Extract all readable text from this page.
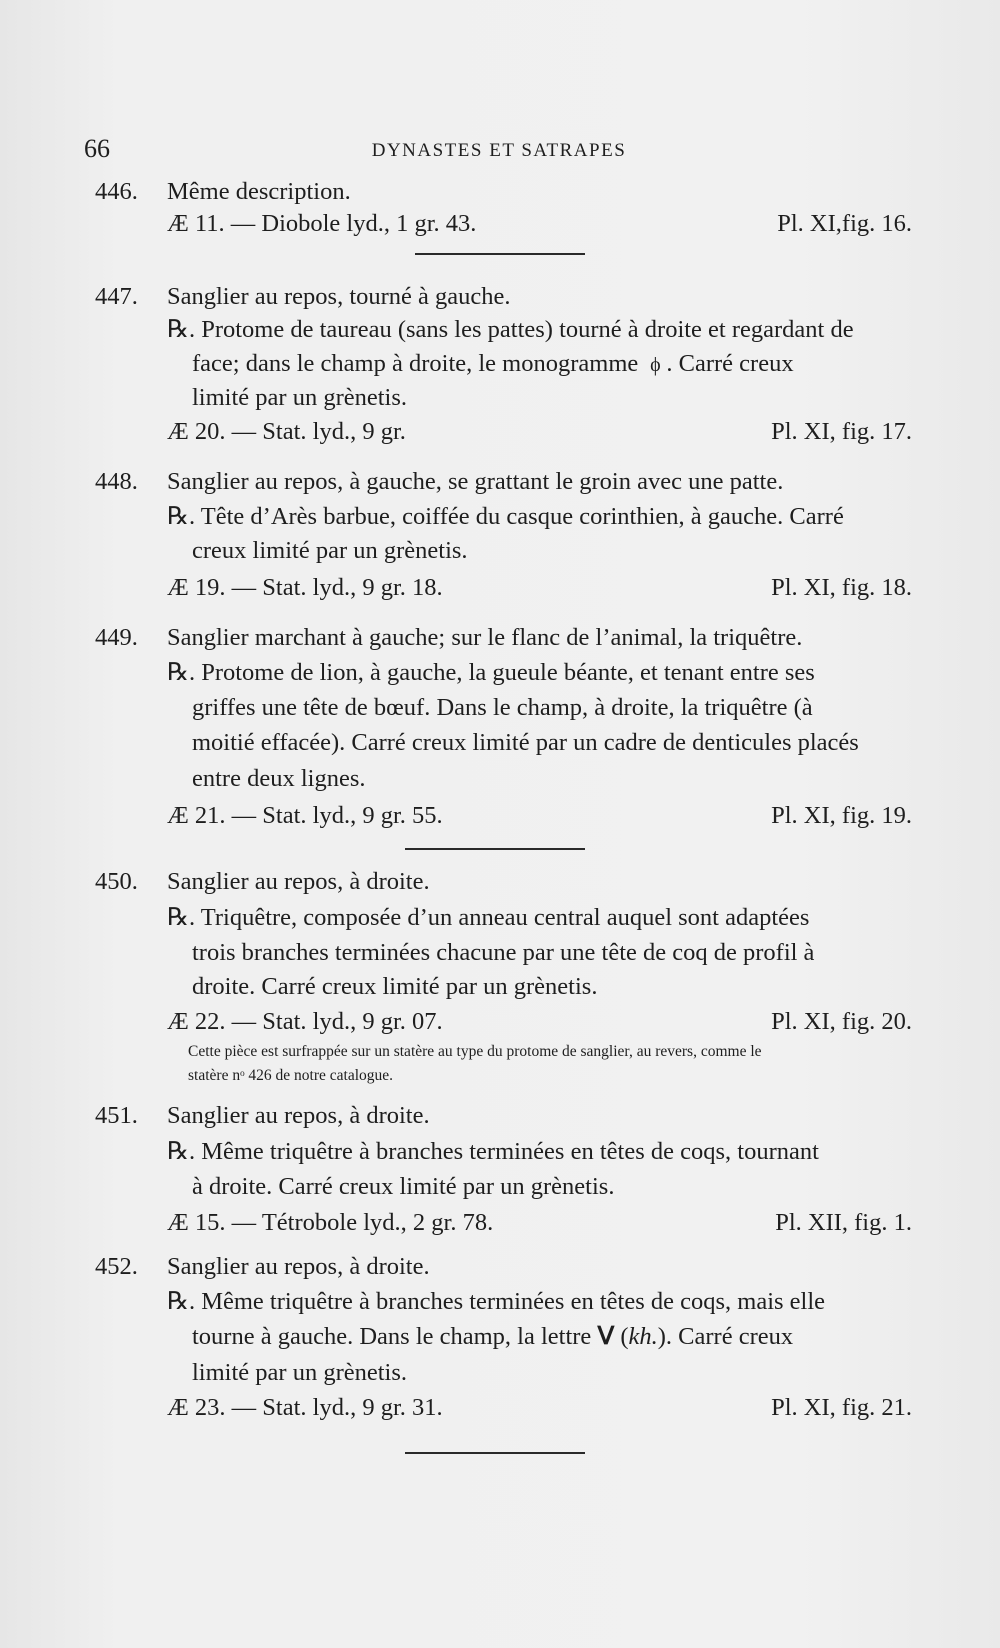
66	DYNASTES ET SATRAPES
446. Même description.
Æ 11. — Diobole lyd., 1 gr. 43.	Pl. XI,fig. 16.
447. Sanglier au repos, tourné à gauche.
℞. Protome de taureau (sans les pattes) tourné à droite et regardant de
face; dans le champ à droite, le monogramme ϕ . Carré creux
limité par un grènetis.
Æ 20. — Stat. lyd., 9 gr.	Pl. XI, fig. 17.
448. Sanglier au repos, à gauche, se grattant le groin avec une patte.
℞. Tête d’Arès barbue, coiffée du casque corinthien, à gauche. Carré
creux limité par un grènetis.
Æ 19. — Stat. lyd., 9 gr. 18.	Pl. XI, fig. 18.
449. Sanglier marchant à gauche; sur le flanc de l’animal, la triquêtre.
℞. Protome de lion, à gauche, la gueule béante, et tenant entre ses
griffes une tête de bœuf. Dans le champ, à droite, la triquêtre (à
moitié effacée). Carré creux limité par un cadre de denticules placés
entre deux lignes.
Æ 21. — Stat. lyd., 9 gr. 55.	Pl. XI, fig. 19.
450. Sanglier au repos, à droite.
℞. Triquêtre, composée d’un anneau central auquel sont adaptées
trois branches terminées chacune par une tête de coq de profil à
droite. Carré creux limité par un grènetis.
Æ 22. — Stat. lyd., 9 gr. 07.	Pl. XI, fig. 20.
Cette pièce est surfrappée sur un statère au type du protome de sanglier, au revers, comme le
statère nᵒ 426 de notre catalogue.
451. Sanglier au repos, à droite.
℞. Même triquêtre à branches terminées en têtes de coqs, tournant
à droite. Carré creux limité par un grènetis.
Æ 15. — Tétrobole lyd., 2 gr. 78.	Pl. XII, fig. 1.
452. Sanglier au repos, à droite.
℞. Même triquêtre à branches terminées en têtes de coqs, mais elle
tourne à gauche. Dans le champ, la lettre ᐯ (kh.). Carré creux
limité par un grènetis.
Æ 23. — Stat. lyd., 9 gr. 31.	Pl. XI, fig. 21.
